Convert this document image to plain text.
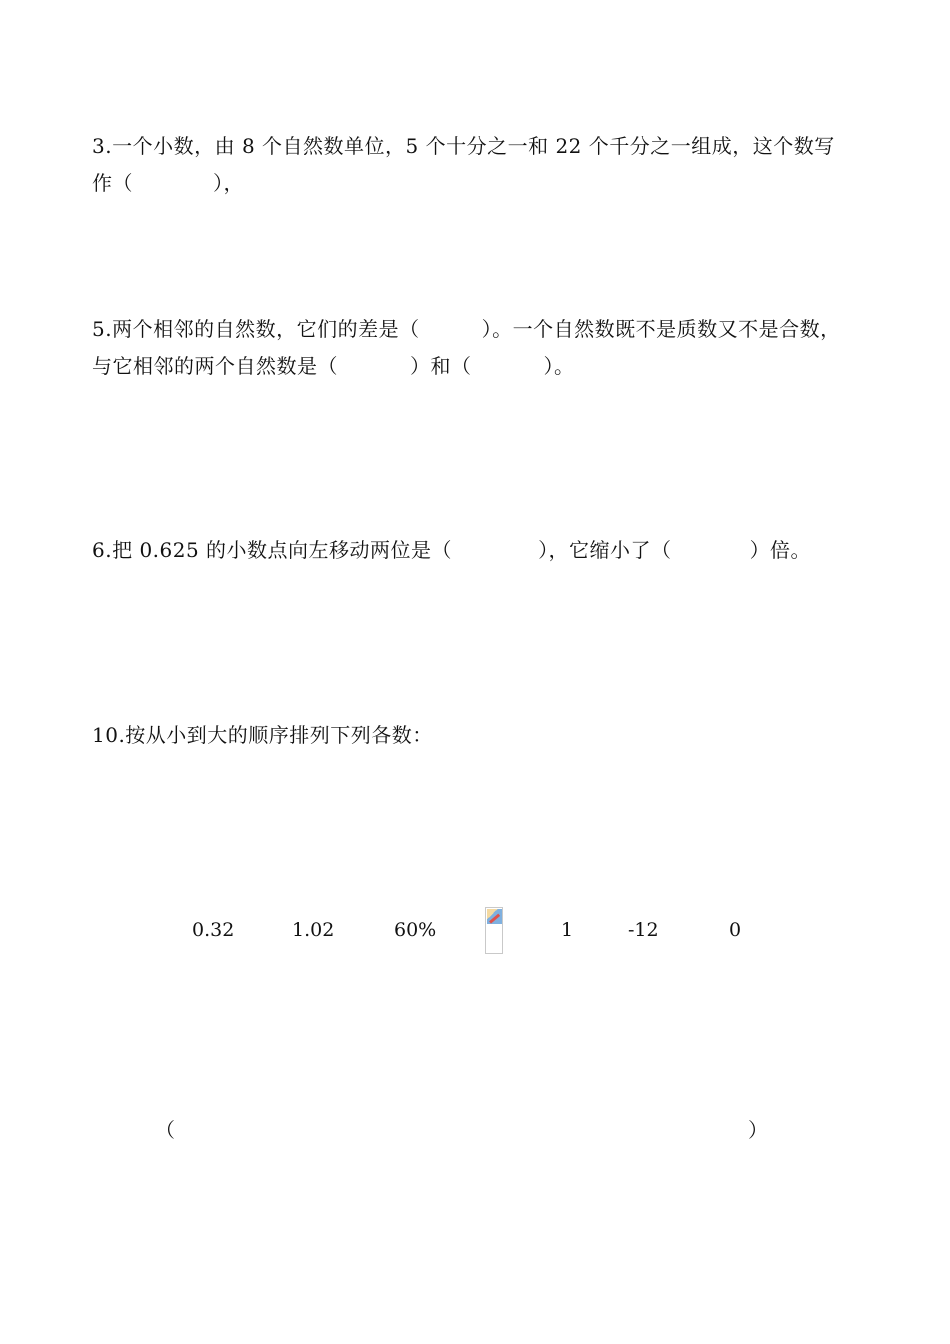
3.一个小数，由 8 个自然数单位，5 个十分之一和 22 个千分之一组成，这个数写
作（	），
5.两个相邻的自然数，它们的差是（	）。一个自然数既不是质数又不是合数，
与它相邻的两个自然数是（	）和（	）。
6.把 0.625 的小数点向左移动两位是（	），它缩小了（	）倍。
10.按从小到大的顺序排列下列各数：
0.32	1.02	60%	1	-12	0
（	）
